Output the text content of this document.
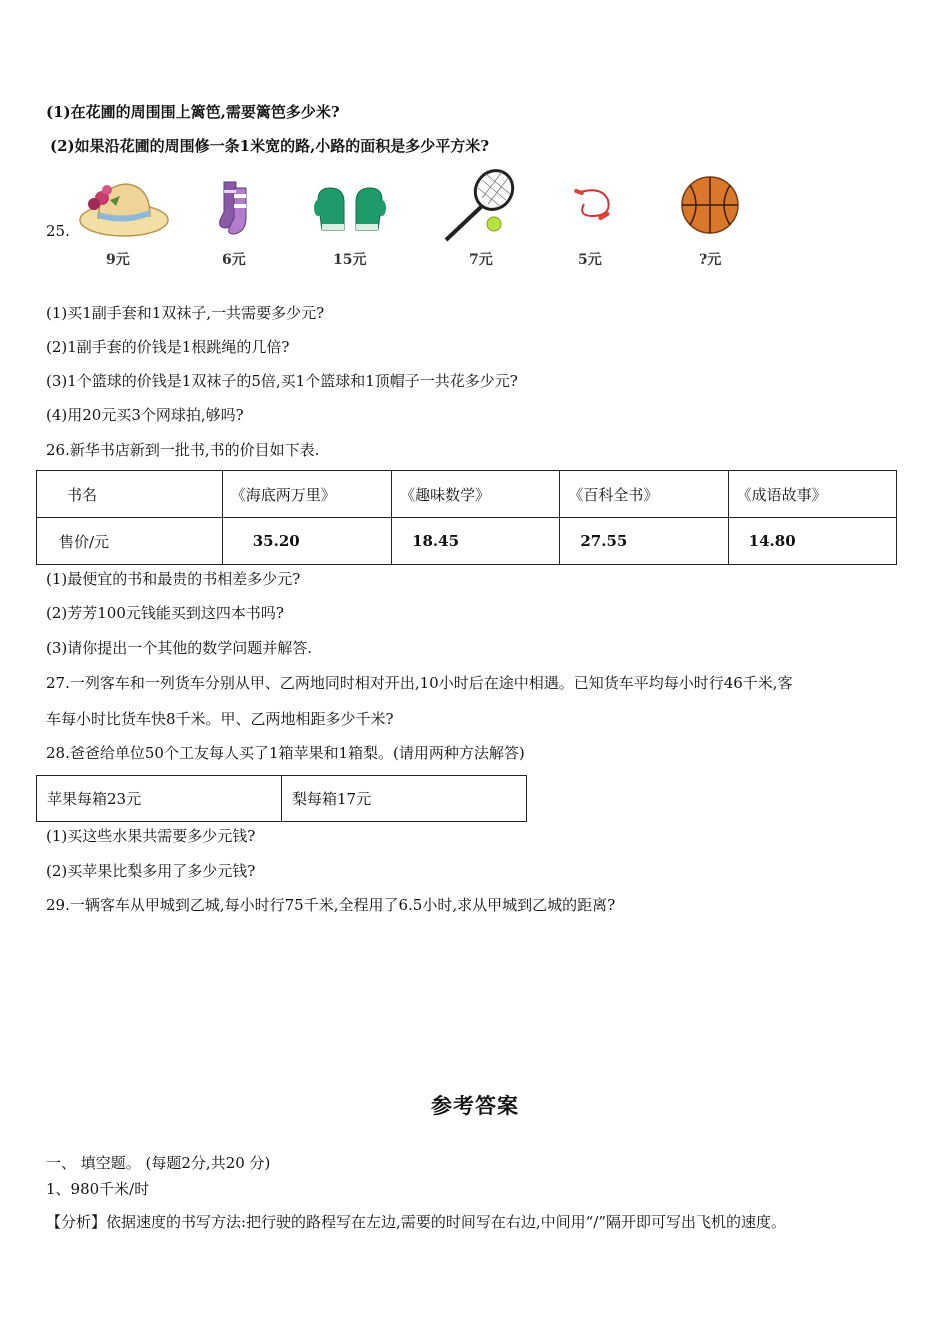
(1)在花圃的周围围上篱笆,需要篱笆多少米?
(2)如果沿花圃的周围修一条1米宽的路,小路的面积是多少平方米?
25.
9元	6元	15元	7元	5元	?元
(1)买1副手套和1双袜子,一共需要多少元?
(2)1副手套的价钱是1根跳绳的几倍?
(3)1个篮球的价钱是1双袜子的5倍,买1个篮球和1顶帽子一共花多少元?
(4)用20元买3个网球拍,够吗?
26.新华书店新到一批书,书的价目如下表.
书名	《海底两万里》	《趣味数学》	《百科全书》	《成语故事》
售价/元	35.20	18.45	27.55	14.80
(1)最便宜的书和最贵的书相差多少元?
(2)芳芳100元钱能买到这四本书吗?
(3)请你提出一个其他的数学问题并解答.
27.一列客车和一列货车分别从甲、乙两地同时相对开出,10小时后在途中相遇。已知货车平均每小时行46千米,客
车每小时比货车快8千米。甲、乙两地相距多少千米?
28.爸爸给单位50个工友每人买了1箱苹果和1箱梨。(请用两种方法解答)
苹果每箱23元	梨每箱17元
(1)买这些水果共需要多少元钱?
(2)买苹果比梨多用了多少元钱?
29.一辆客车从甲城到乙城,每小时行75千米,全程用了6.5小时,求从甲城到乙城的距离?
参考答案
一、 填空题。 (每题2分,共20 分)
1、980千米/时
【分析】依据速度的书写方法:把行驶的路程写在左边,需要的时间写在右边,中间用“/”隔开即可写出飞机的速度。
